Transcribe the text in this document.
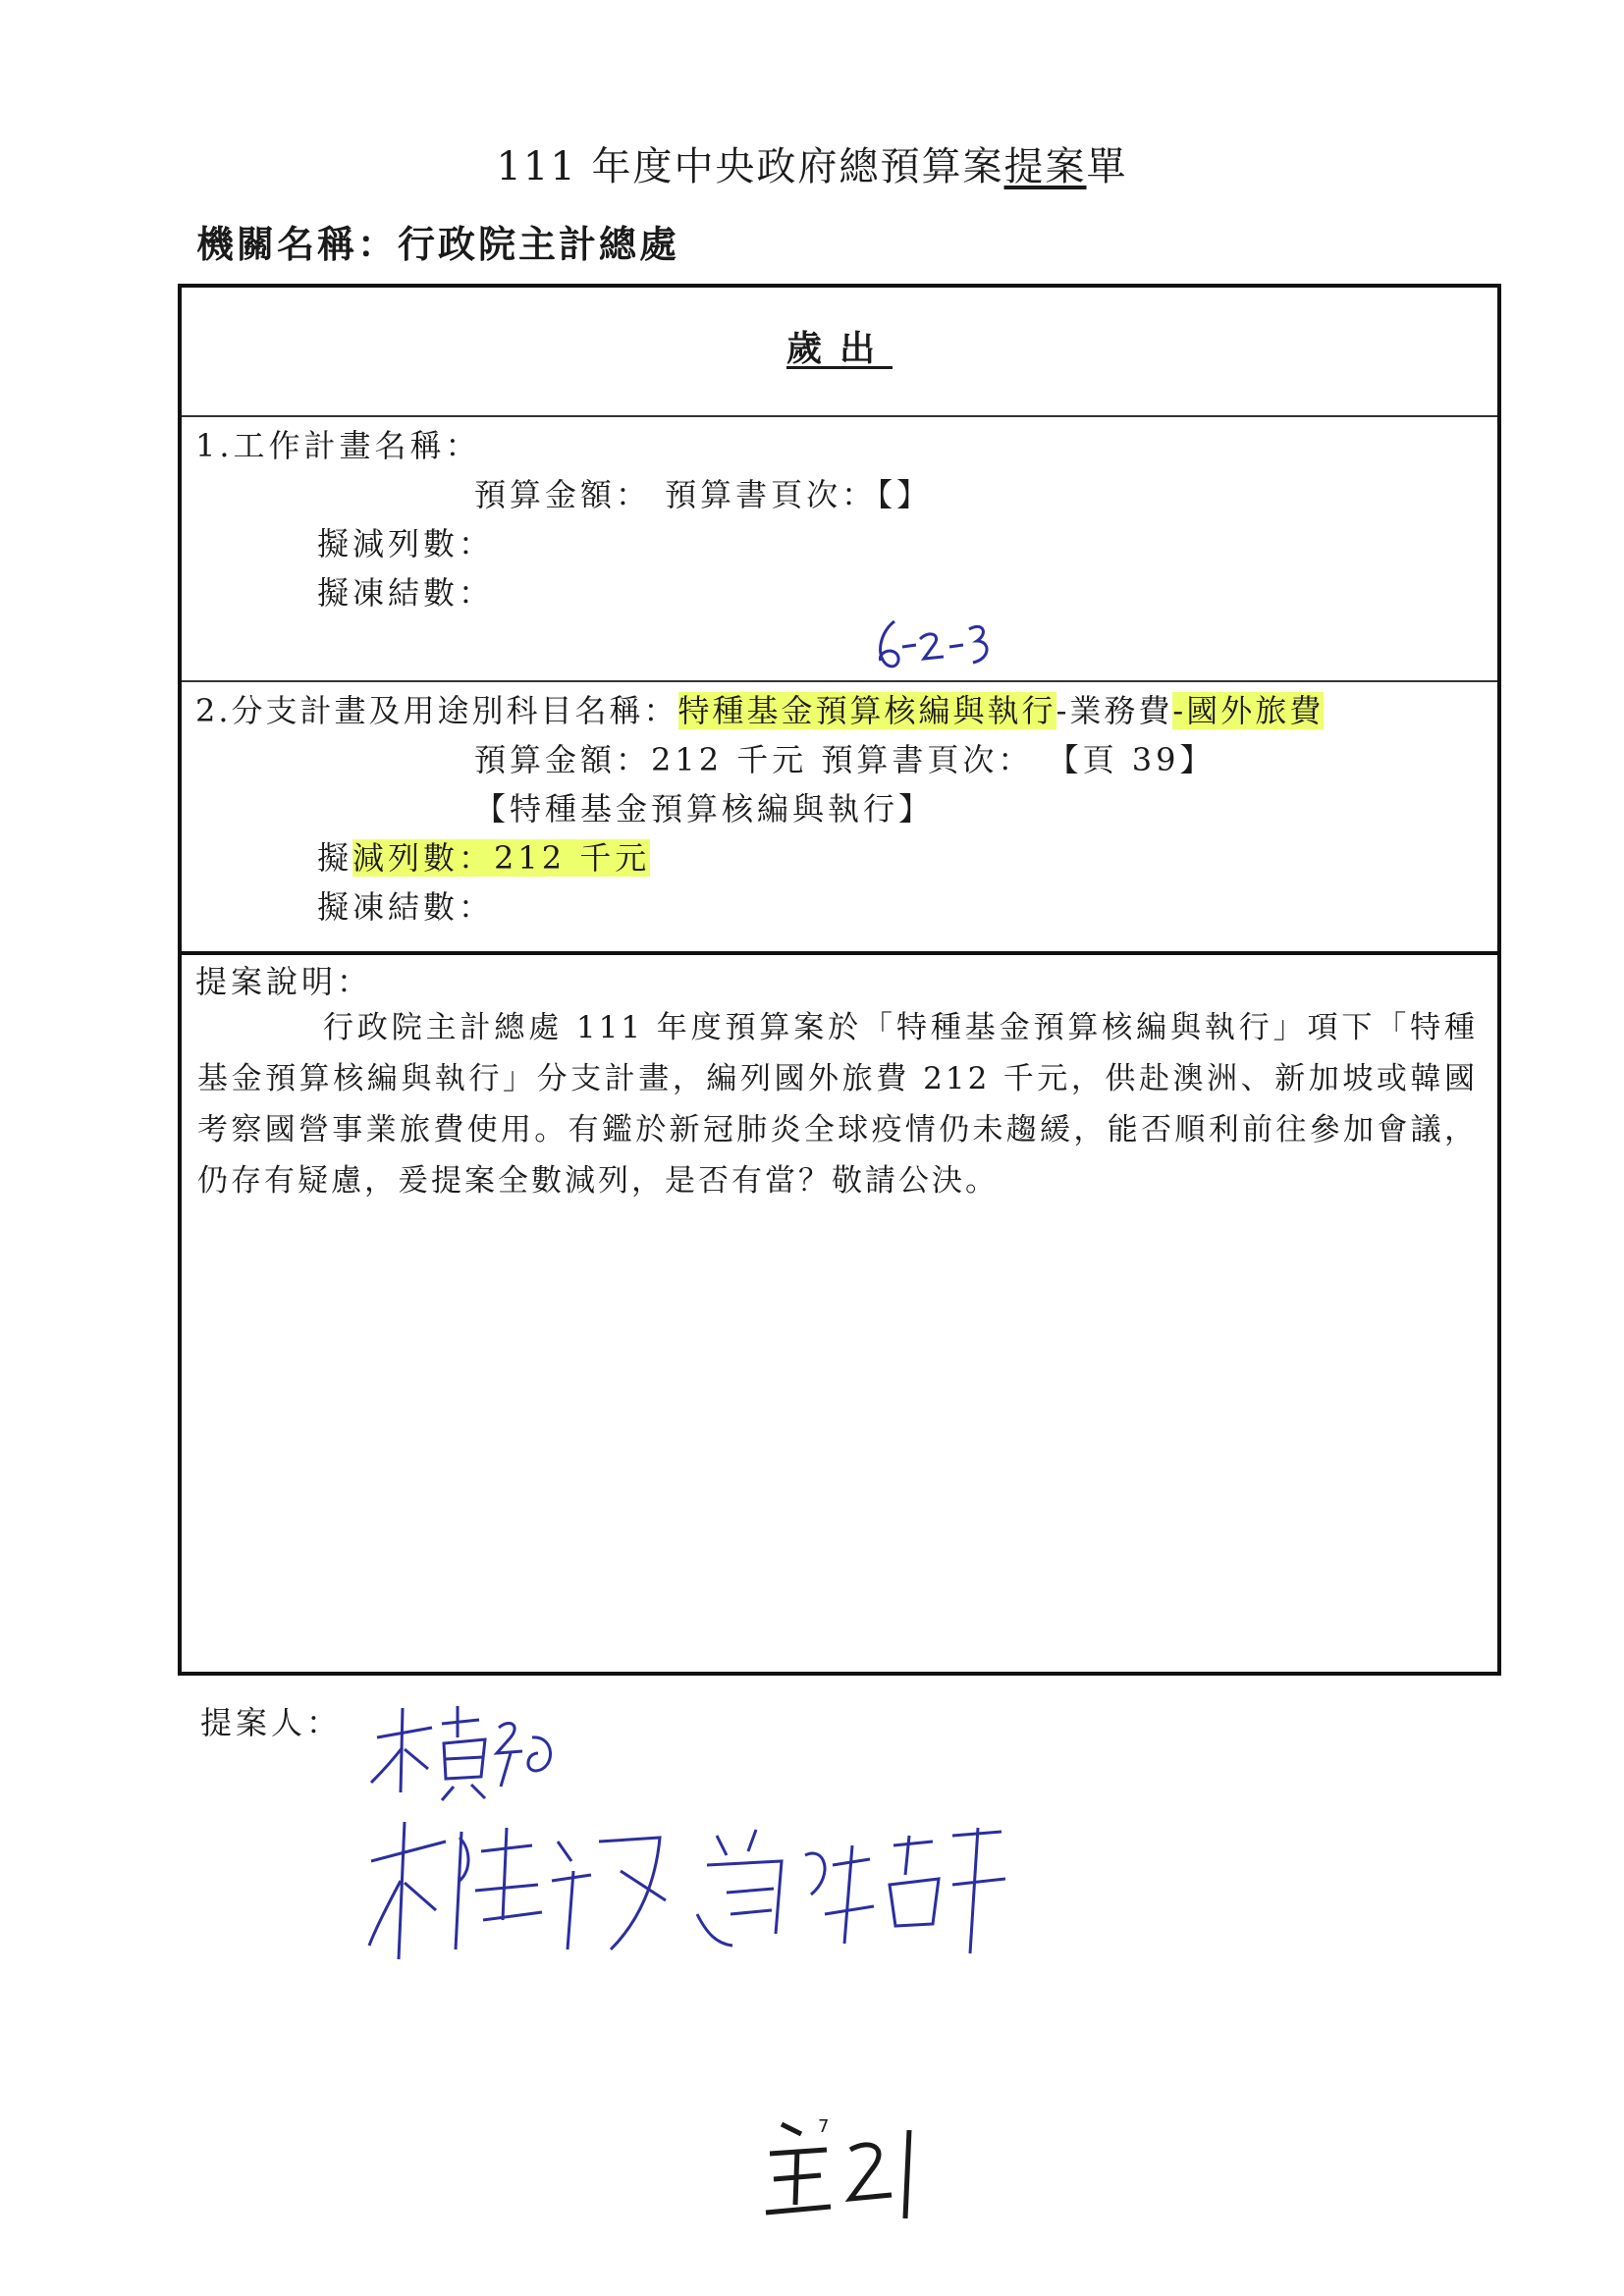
111 年度中央政府總預算案提案單
機關名稱：行政院主計總處
歲出
1.工作計畫名稱：
預算金額： 預算書頁次：【】
擬減列數：
擬凍結數：
2.分支計畫及用途別科目名稱：特種基金預算核編與執行-業務費-國外旅費
預算金額：212 千元 預算書頁次： 【頁 39】
【特種基金預算核編與執行】
擬減列數：212 千元
擬凍結數：
提案說明：
行政院主計總處 111 年度預算案於「特種基金預算核編與執行」項下「特種基金預算核編與執行」分支計畫，編列國外旅費 212 千元，供赴澳洲、新加坡或韓國考察國營事業旅費使用。有鑑於新冠肺炎全球疫情仍未趨緩，能否順利前往參加會議，仍存有疑慮，爰提案全數減列，是否有當？敬請公決。
提案人：
7
